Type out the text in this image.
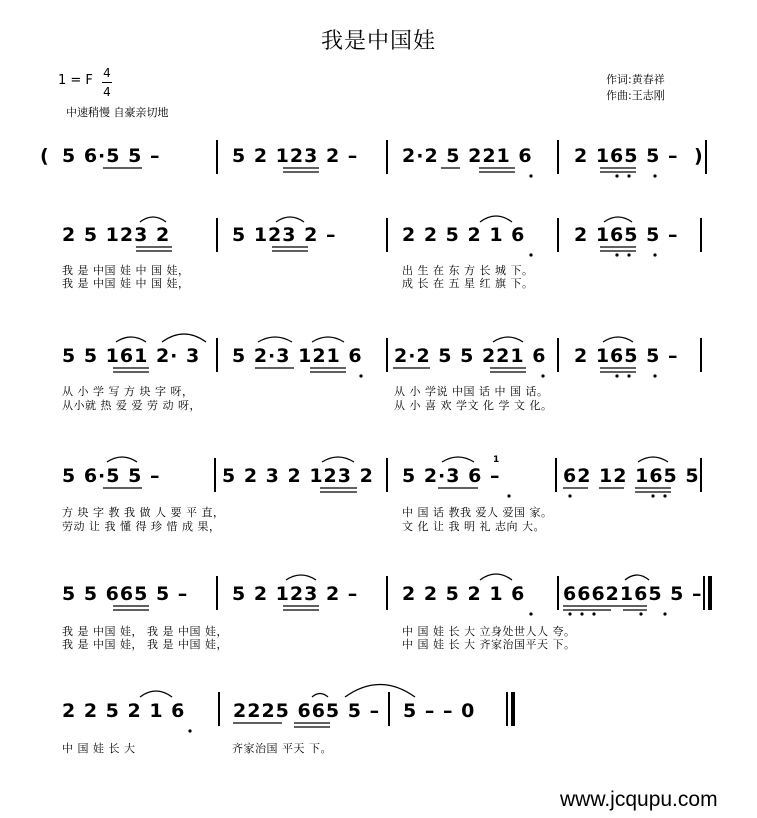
我是中国娃
1 = F 4
4
中速稍慢 自豪亲切地
作词:黄春祥
作曲:王志刚
( 5 6·5 5 –	5 2 123 2 – 2·2 5 221 6 2 165 5 – )
2 5 123 2	5 123 2 –	2 2 5 2 1 6	2 165 5 –
我 是 中国 娃 中 国 娃，	出 生 在 东 方 长 城 下。
我 是 中国 娃 中 国 娃，	成 长 在 五 星 红 旗 下。
5 5 161 2· 3 5 2·3 121 6 2·2 5 5 221 6 2 165 5 –
从 小 学 写 方 块 字 呀，	从 小 学说 中国 话 中 国 话。
从小就 热 爱 爱 劳 动 呀，	从 小 喜 欢 学文 化 学 文 化。
5 6·5 5 –	5 2 3 2 123 2 5 2·3 6 –
1
62 12 165 5
方 块 字 教 我 做 人 要 平 直，	中 国 话 教我 爱人 爱国 家。
劳动 让 我 懂 得 珍 惜 成 果，	文 化 让 我 明 礼 志向 大。
5 5 665 5 – 5 2 123 2 – 2 2 5 2 1 6 6662165 5 –
我 是 中国 娃， 我 是 中国 娃，	中 国 娃 长 大 立身处世人人 夸。
我 是 中国 娃， 我 是 中国 娃，	中 国 娃 长 大 齐家治国平天 下。
2 2 5 2 1 6	2225 665 5 – 5 – – 0
中 国 娃 长 大	齐家治国 平天 下。
www.jcqupu.com
